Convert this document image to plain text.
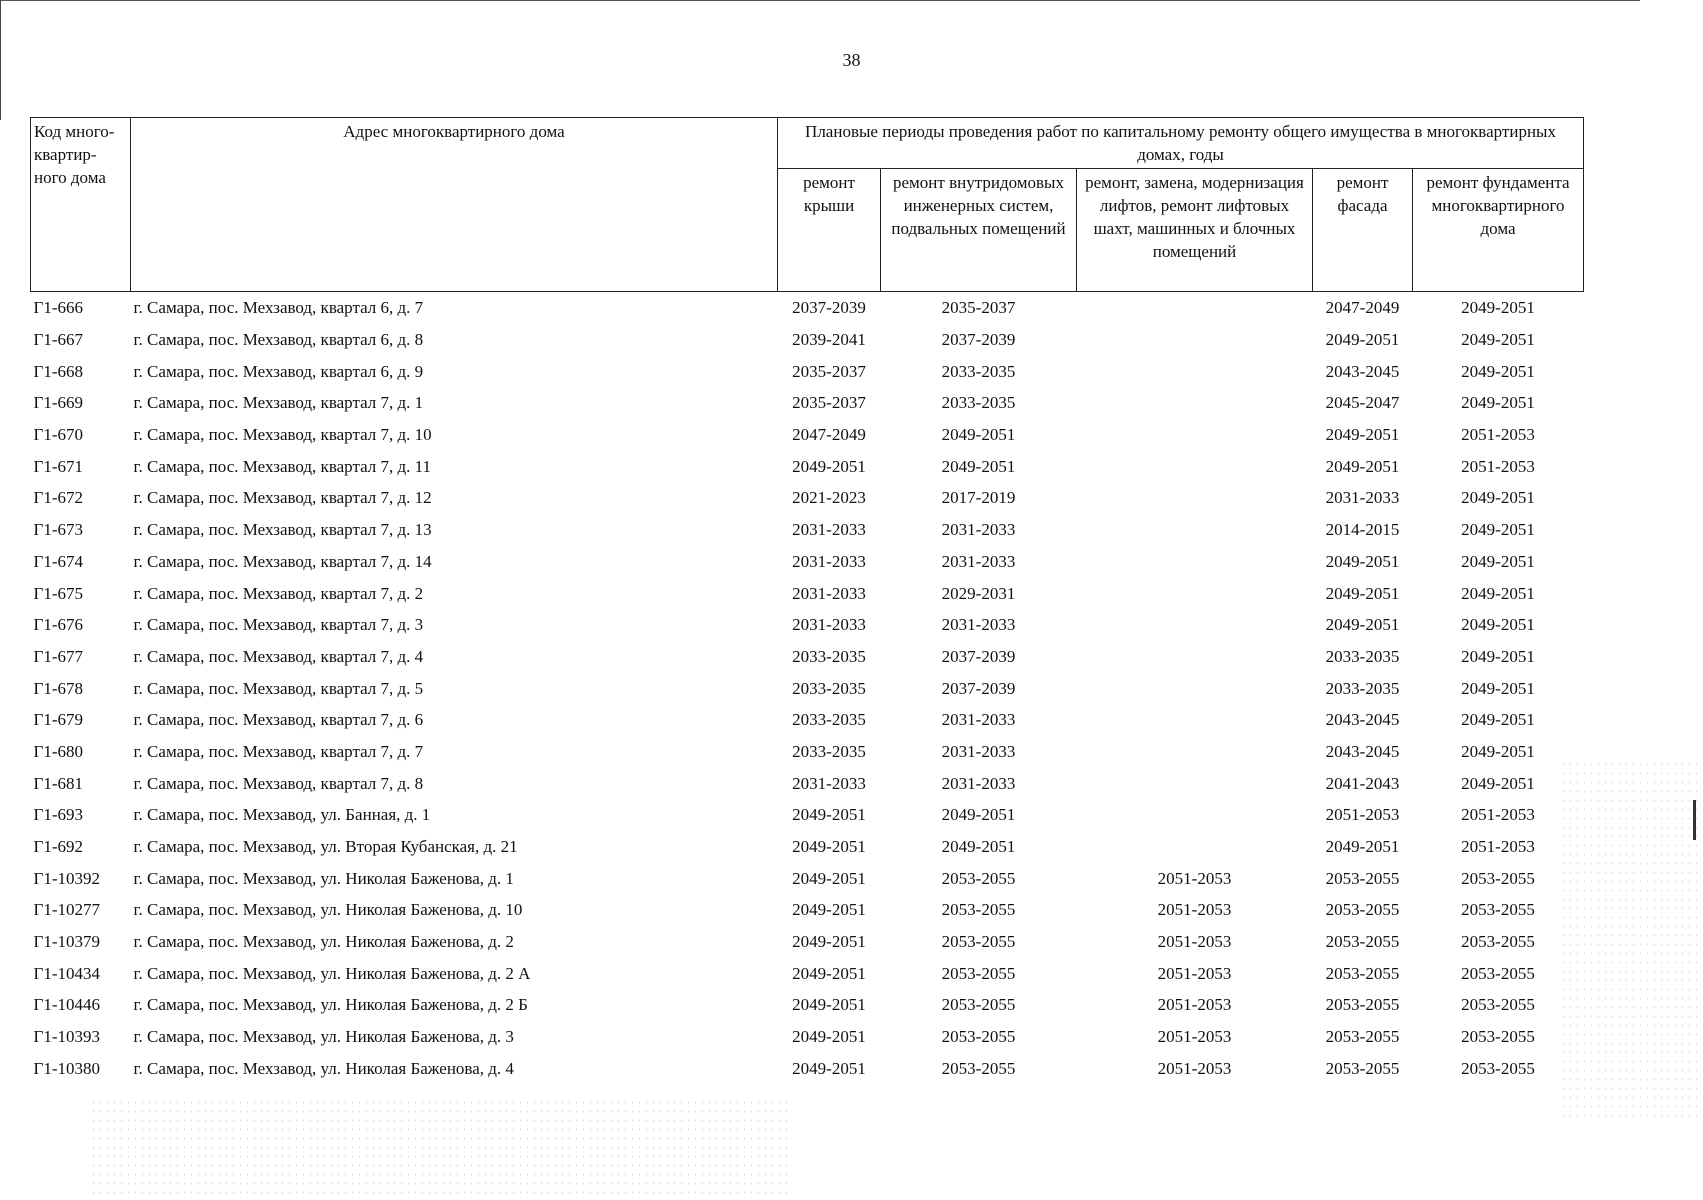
38
Код много-квартир-ного дома	Адрес многоквартирного дома	Плановые периоды проведения работ по капитальному ремонту общего имущества в многоквартирных домах, годы				
		ремонт крыши	ремонт внутридомовых инженерных систем, подвальных помещений	ремонт, замена, модернизация лифтов, ремонт лифтовых шахт, машинных и блочных помещений	ремонт фасада	ремонт фундамента многоквартирного дома
Г1-666	г. Самара, пос. Мехзавод, квартал 6, д. 7	2037-2039	2035-2037		2047-2049	2049-2051
Г1-667	г. Самара, пос. Мехзавод, квартал 6, д. 8	2039-2041	2037-2039		2049-2051	2049-2051
Г1-668	г. Самара, пос. Мехзавод, квартал 6, д. 9	2035-2037	2033-2035		2043-2045	2049-2051
Г1-669	г. Самара, пос. Мехзавод, квартал 7, д. 1	2035-2037	2033-2035		2045-2047	2049-2051
Г1-670	г. Самара, пос. Мехзавод, квартал 7, д. 10	2047-2049	2049-2051		2049-2051	2051-2053
Г1-671	г. Самара, пос. Мехзавод, квартал 7, д. 11	2049-2051	2049-2051		2049-2051	2051-2053
Г1-672	г. Самара, пос. Мехзавод, квартал 7, д. 12	2021-2023	2017-2019		2031-2033	2049-2051
Г1-673	г. Самара, пос. Мехзавод, квартал 7, д. 13	2031-2033	2031-2033		2014-2015	2049-2051
Г1-674	г. Самара, пос. Мехзавод, квартал 7, д. 14	2031-2033	2031-2033		2049-2051	2049-2051
Г1-675	г. Самара, пос. Мехзавод, квартал 7, д. 2	2031-2033	2029-2031		2049-2051	2049-2051
Г1-676	г. Самара, пос. Мехзавод, квартал 7, д. 3	2031-2033	2031-2033		2049-2051	2049-2051
Г1-677	г. Самара, пос. Мехзавод, квартал 7, д. 4	2033-2035	2037-2039		2033-2035	2049-2051
Г1-678	г. Самара, пос. Мехзавод, квартал 7, д. 5	2033-2035	2037-2039		2033-2035	2049-2051
Г1-679	г. Самара, пос. Мехзавод, квартал 7, д. 6	2033-2035	2031-2033		2043-2045	2049-2051
Г1-680	г. Самара, пос. Мехзавод, квартал 7, д. 7	2033-2035	2031-2033		2043-2045	2049-2051
Г1-681	г. Самара, пос. Мехзавод, квартал 7, д. 8	2031-2033	2031-2033		2041-2043	2049-2051
Г1-693	г. Самара, пос. Мехзавод, ул. Банная, д. 1	2049-2051	2049-2051		2051-2053	2051-2053
Г1-692	г. Самара, пос. Мехзавод, ул. Вторая Кубанская, д. 21	2049-2051	2049-2051		2049-2051	2051-2053
Г1-10392	г. Самара, пос. Мехзавод, ул. Николая Баженова, д. 1	2049-2051	2053-2055	2051-2053	2053-2055	2053-2055
Г1-10277	г. Самара, пос. Мехзавод, ул. Николая Баженова, д. 10	2049-2051	2053-2055	2051-2053	2053-2055	2053-2055
Г1-10379	г. Самара, пос. Мехзавод, ул. Николая Баженова, д. 2	2049-2051	2053-2055	2051-2053	2053-2055	2053-2055
Г1-10434	г. Самара, пос. Мехзавод, ул. Николая Баженова, д. 2 А	2049-2051	2053-2055	2051-2053	2053-2055	2053-2055
Г1-10446	г. Самара, пос. Мехзавод, ул. Николая Баженова, д. 2 Б	2049-2051	2053-2055	2051-2053	2053-2055	2053-2055
Г1-10393	г. Самара, пос. Мехзавод, ул. Николая Баженова, д. 3	2049-2051	2053-2055	2051-2053	2053-2055	2053-2055
Г1-10380	г. Самара, пос. Мехзавод, ул. Николая Баженова, д. 4	2049-2051	2053-2055	2051-2053	2053-2055	2053-2055
